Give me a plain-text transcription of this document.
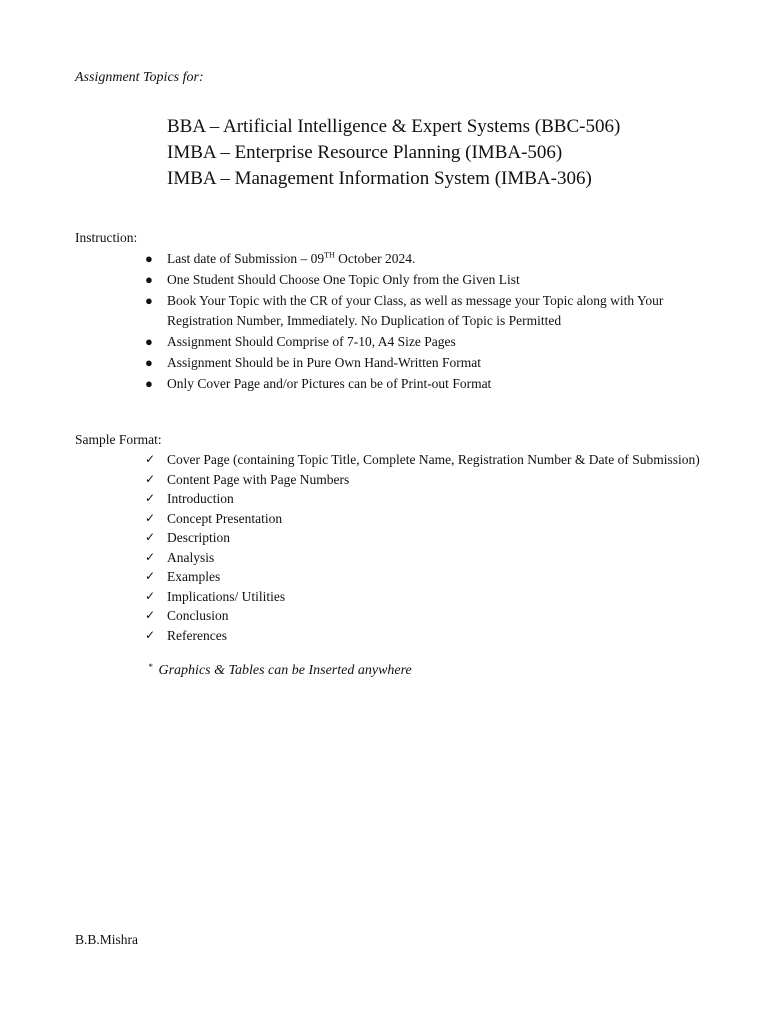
Assignment Topics for:
BBA – Artificial Intelligence & Expert Systems (BBC-506)
IMBA – Enterprise Resource Planning (IMBA-506)
IMBA – Management Information System (IMBA-306)
Instruction:
● Last date of Submission – 09TH October 2024.
● One Student Should Choose One Topic Only from the Given List
● Book Your Topic with the CR of your Class, as well as message your Topic along with Your Registration Number, Immediately. No Duplication of Topic is Permitted
● Assignment Should Comprise of 7-10, A4 Size Pages
● Assignment Should be in Pure Own Hand-Written Format
● Only Cover Page and/or Pictures can be of Print-out Format
Sample Format:
✓ Cover Page (containing Topic Title, Complete Name, Registration Number & Date of Submission)
✓ Content Page with Page Numbers
✓ Introduction
✓ Concept Presentation
✓ Description
✓ Analysis
✓ Examples
✓ Implications/ Utilities
✓ Conclusion
✓ References
* Graphics & Tables can be Inserted anywhere
B.B.Mishra
